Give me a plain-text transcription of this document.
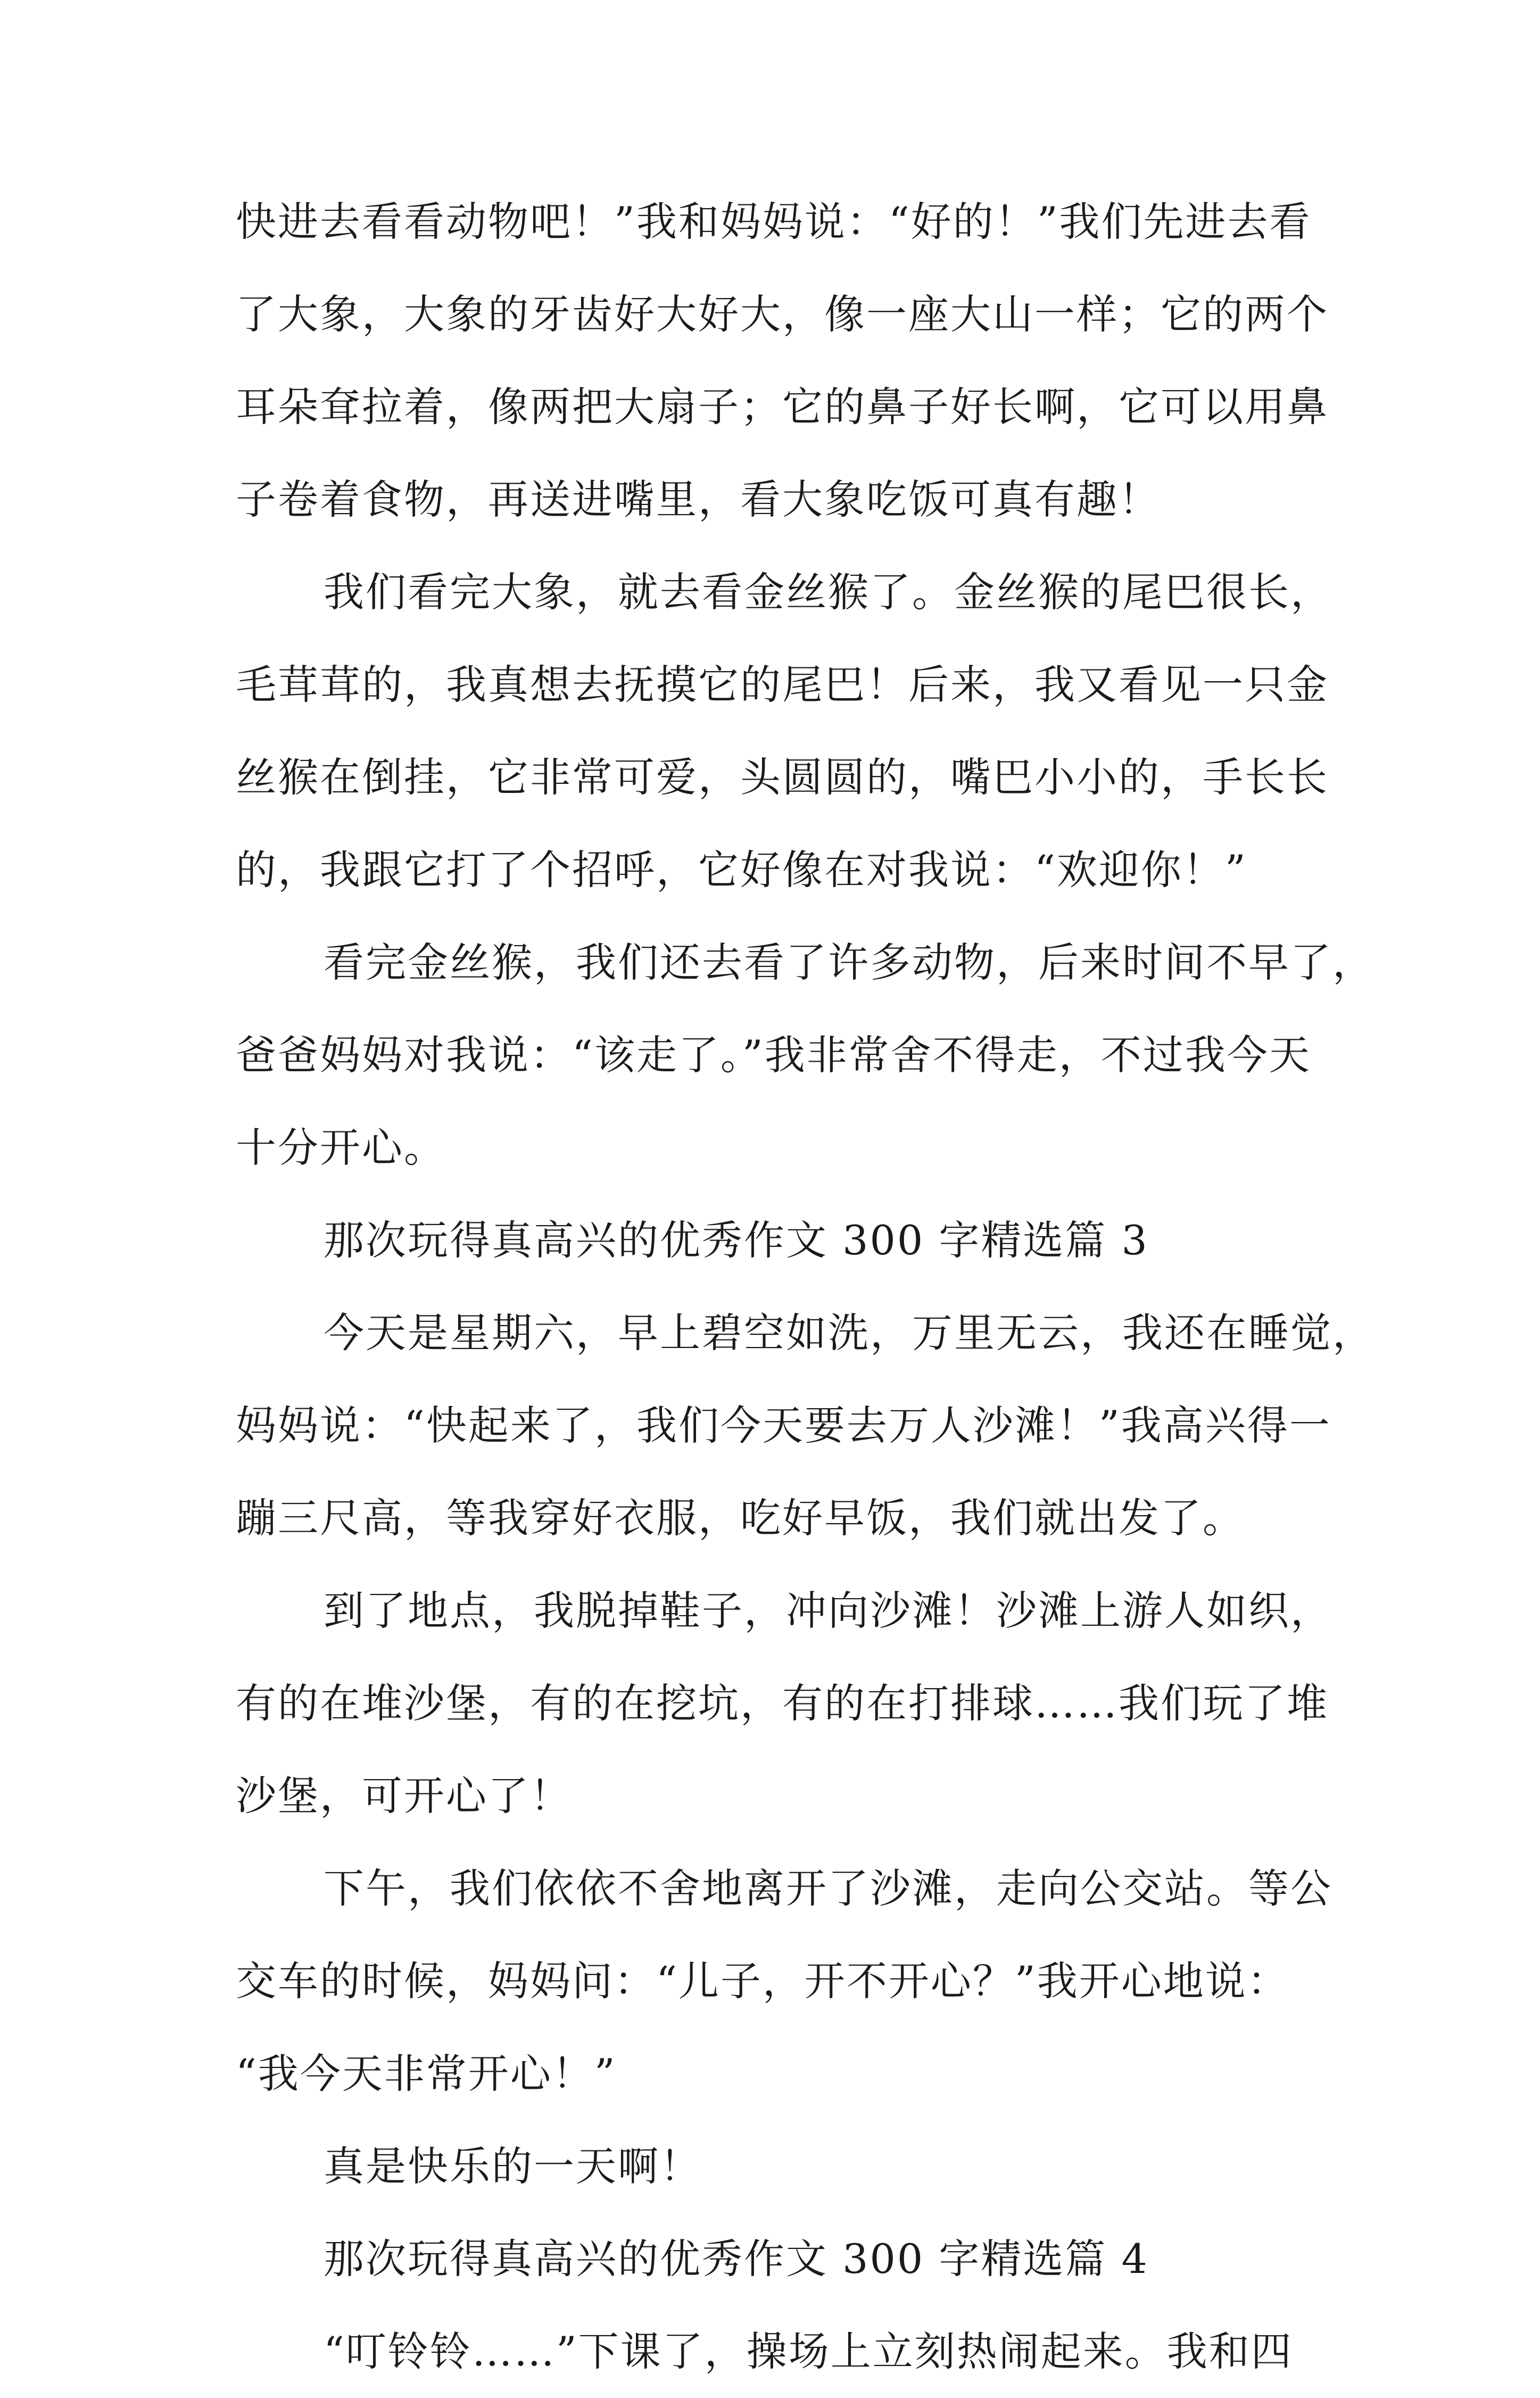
快进去看看动物吧！”我和妈妈说：“好的！”我们先进去看
了大象，大象的牙齿好大好大，像一座大山一样；它的两个
耳朵耷拉着，像两把大扇子；它的鼻子好长啊，它可以用鼻
子卷着食物，再送进嘴里，看大象吃饭可真有趣！
我们看完大象，就去看金丝猴了。金丝猴的尾巴很长，
毛茸茸的，我真想去抚摸它的尾巴！后来，我又看见一只金
丝猴在倒挂，它非常可爱，头圆圆的，嘴巴小小的，手长长
的，我跟它打了个招呼，它好像在对我说：“欢迎你！”
看完金丝猴，我们还去看了许多动物，后来时间不早了，
爸爸妈妈对我说：“该走了。”我非常舍不得走，不过我今天
十分开心。
那次玩得真高兴的优秀作文 300 字精选篇 3
今天是星期六，早上碧空如洗，万里无云，我还在睡觉，
妈妈说：“快起来了，我们今天要去万人沙滩！”我高兴得一
蹦三尺高，等我穿好衣服，吃好早饭，我们就出发了。
到了地点，我脱掉鞋子，冲向沙滩！沙滩上游人如织，
有的在堆沙堡，有的在挖坑，有的在打排球……我们玩了堆
沙堡，可开心了！
下午，我们依依不舍地离开了沙滩，走向公交站。等公
交车的时候，妈妈问：“儿子，开不开心？”我开心地说：
“我今天非常开心！”
真是快乐的一天啊！
那次玩得真高兴的优秀作文 300 字精选篇 4
“叮铃铃……”下课了，操场上立刻热闹起来。我和四
